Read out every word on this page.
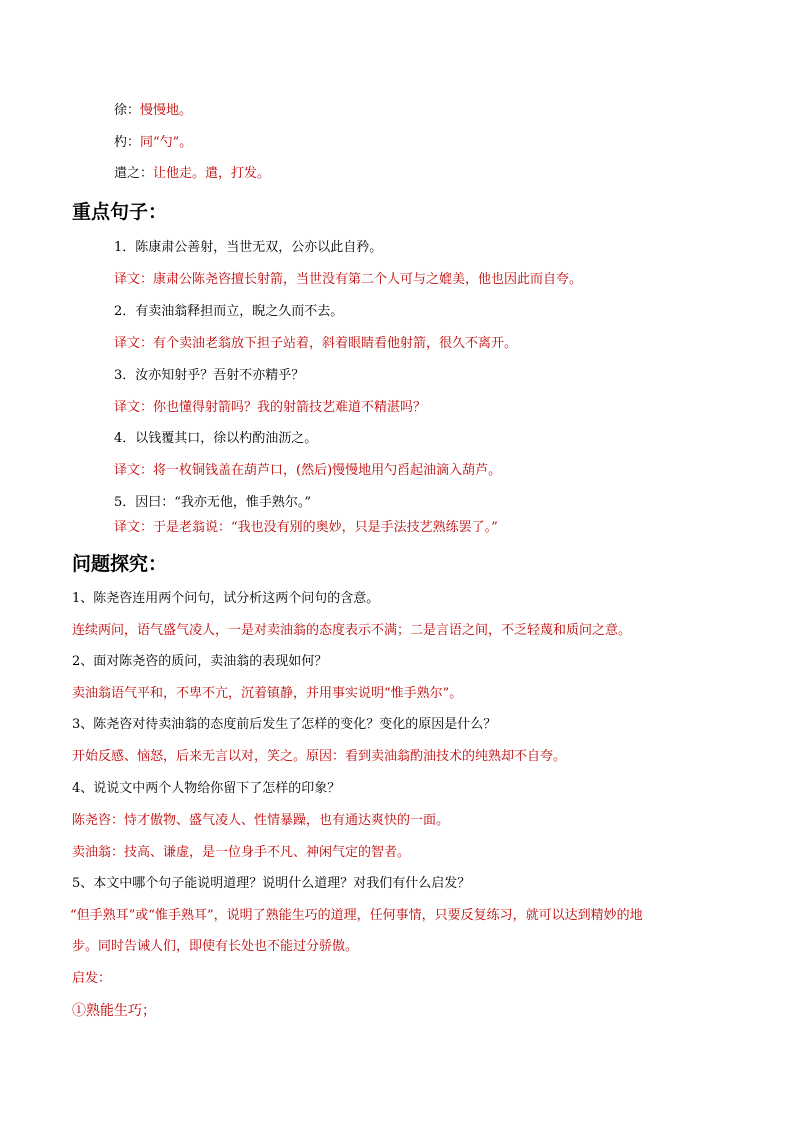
徐：慢慢地。
杓：同“勺”。
遣之：让他走。遣，打发。
重点句子：
1．陈康肃公善射，当世无双，公亦以此自矜。
译文：康肃公陈尧咨擅长射箭，当世没有第二个人可与之媲美，他也因此而自夸。
2．有卖油翁释担而立，睨之久而不去。
译文：有个卖油老翁放下担子站着，斜着眼睛看他射箭，很久不离开。
3．汝亦知射乎？吾射不亦精乎？
译文：你也懂得射箭吗？我的射箭技艺难道不精湛吗？
4．以钱覆其口，徐以杓酌油沥之。
译文：将一枚铜钱盖在葫芦口，(然后)慢慢地用勺舀起油滴入葫芦。
5．因曰：“我亦无他，惟手熟尔。”
译文：于是老翁说：“我也没有别的奥妙，只是手法技艺熟练罢了。”
问题探究：
1、陈尧咨连用两个问句，试分析这两个问句的含意。
连续两问，语气盛气凌人，一是对卖油翁的态度表示不满；二是言语之间，不乏轻蔑和质问之意。
2、面对陈尧咨的质问，卖油翁的表现如何？
卖油翁语气平和，不卑不亢，沉着镇静，并用事实说明“惟手熟尔”。
3、陈尧咨对待卖油翁的态度前后发生了怎样的变化？变化的原因是什么？
开始反感、恼怒，后来无言以对，笑之。原因：看到卖油翁酌油技术的纯熟却不自夸。
4、说说文中两个人物给你留下了怎样的印象？
陈尧咨：恃才傲物、盛气凌人、性情暴躁，也有通达爽快的一面。
卖油翁：技高、谦虚，是一位身手不凡、神闲气定的智者。
5、本文中哪个句子能说明道理？说明什么道理？对我们有什么启发？
“但手熟耳”或“惟手熟耳”，说明了熟能生巧的道理，任何事情，只要反复练习，就可以达到精妙的地
步。同时告诫人们，即使有长处也不能过分骄傲。
启发：
①熟能生巧；
